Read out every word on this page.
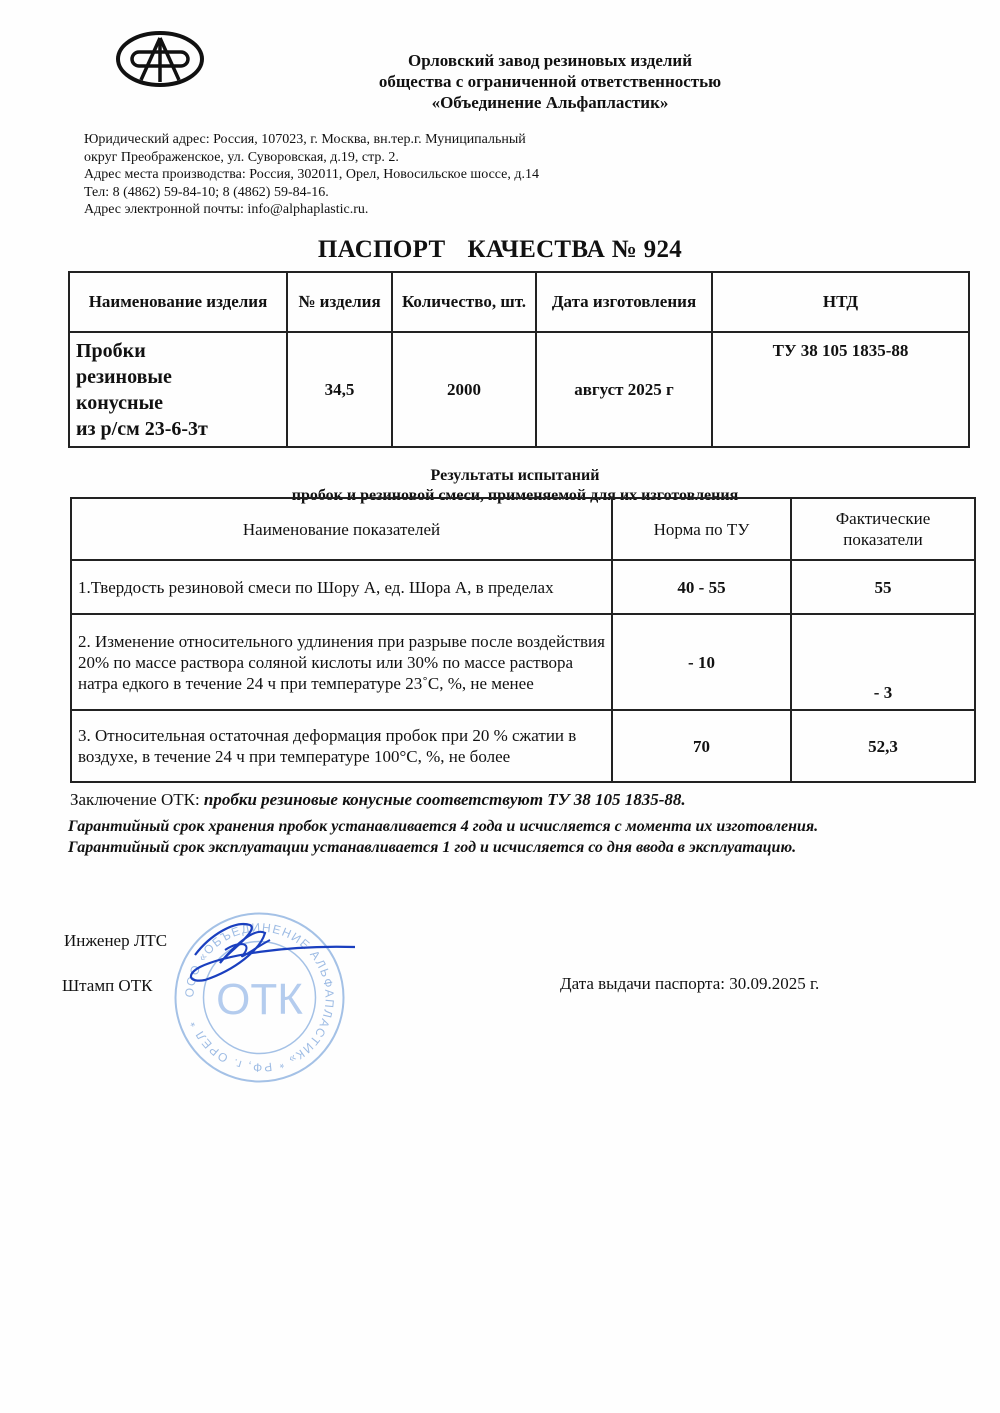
Орловский завод резиновых изделий
общества с ограниченной ответственностью
«Объединение Альфапластик»
Юридический адрес: Россия, 107023, г. Москва, вн.тер.г. Муниципальный
округ Преображенское, ул. Суворовская, д.19, стр. 2.
Адрес места производства: Россия, 302011, Орел, Новосильское шоссе, д.14
Тел: 8 (4862) 59-84-10; 8 (4862) 59-84-16.
Адрес электронной почты: info@alphaplastic.ru.
ПАСПОРТ КАЧЕСТВА № 924
Наименование изделия	№ изделия	Количество, шт.	Дата изготовления	НТД

Пробки
резиновые
конусные
из р/см 23-6-3т	34,5	2000	август 2025 г	ТУ 38 105 1835-88
Результаты испытаний
пробок и резиновой смеси, применяемой для их изготовления
Наименование показателей	Норма по ТУ	Фактические показатели
1.Твердость резиновой смеси по Шору А, ед. Шора А, в пределах	40 - 55	55
2. Изменение относительного удлинения при разрыве после воздействия 20% по массе раствора соляной кислоты или 30% по массе раствора натра едкого в течение 24 ч при температуре 23˚С, %, не менее	- 10	- 3
3. Относительная остаточная деформация пробок при 20 % сжатии в воздухе, в течение 24 ч при температуре 100°С, %, не более	70	52,3
Заключение ОТК: пробки резиновые конусные соответствуют ТУ 38 105 1835-88.

Гарантийный срок хранения пробок устанавливается 4 года и исчисляется с момента их изготовления.

Гарантийный срок эксплуатации устанавливается 1 год и исчисляется со дня ввода в эксплуатацию.

ООО «ОБЪЕДИНЕНИЕ АЛЬФАПЛАСТИК» * РФ, г. ОРЕЛ * ОТК
Инженер ЛТС
Штамп ОТК	Дата выдачи паспорта: 30.09.2025 г.
